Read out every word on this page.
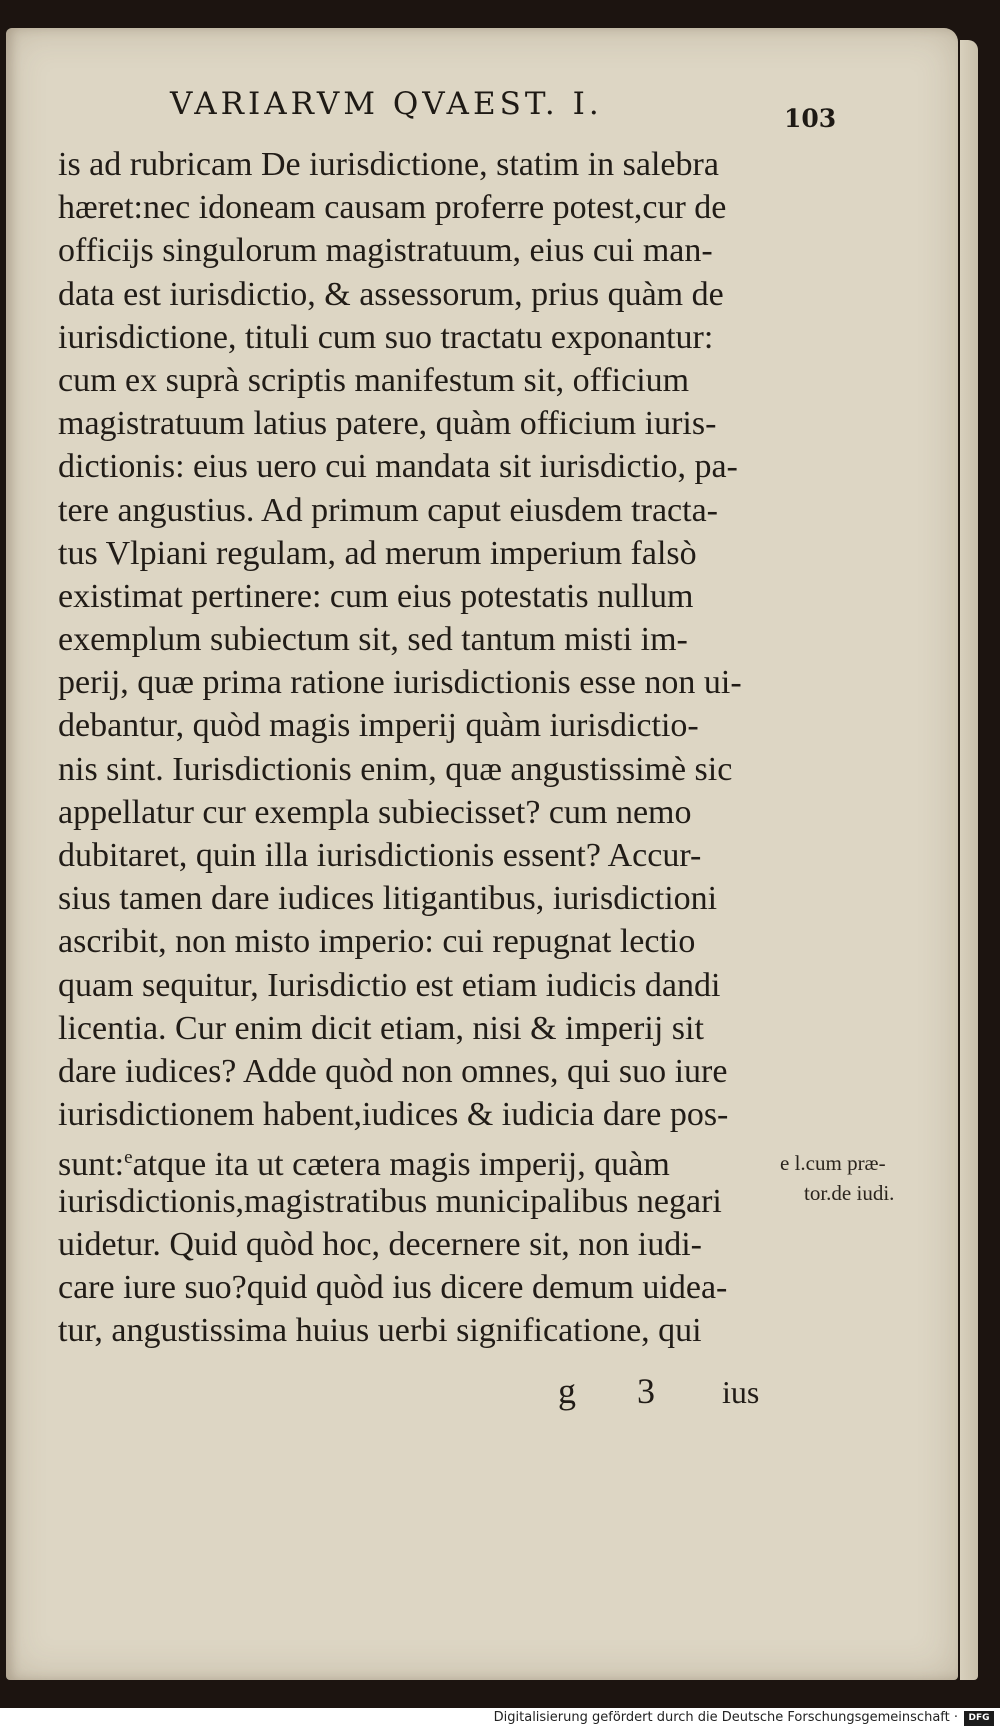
VARIARVM QVAEST. I.	103
is ad rubricam De iurisdictione, statim in salebra
hæret:nec idoneam causam proferre potest,cur de
officijs singulorum magistratuum, eius cui man-
data est iurisdictio, & assessorum, prius quàm de
iurisdictione, tituli cum suo tractatu exponantur:
cum ex suprà scriptis manifestum sit, officium
magistratuum latius patere, quàm officium iuris-
dictionis: eius uero cui mandata sit iurisdictio, pa-
tere angustius. Ad primum caput eiusdem tracta-
tus Vlpiani regulam, ad merum imperium falsò
existimat pertinere: cum eius potestatis nullum
exemplum subiectum sit, sed tantum misti im-
perij, quæ prima ratione iurisdictionis esse non ui-
debantur, quòd magis imperij quàm iurisdictio-
nis sint. Iurisdictionis enim, quæ angustissimè sic
appellatur cur exempla subiecisset? cum nemo
dubitaret, quin illa iurisdictionis essent? Accur-
sius tamen dare iudices litigantibus, iurisdictioni
ascribit, non misto imperio: cui repugnat lectio
quam sequitur, Iurisdictio est etiam iudicis dandi
licentia. Cur enim dicit etiam, nisi & imperij sit
dare iudices? Adde quòd non omnes, qui suo iure
iurisdictionem habent,iudices & iudicia dare pos-
sunt:$^e$atque ita ut cætera magis imperij, quàm
iurisdictionis,magistratibus municipalibus negari
uidetur. Quid quòd hoc, decernere sit, non iudi-
care iure suo?quid quòd ius dicere demum uidea-
tur, angustissima huius uerbi significatione, qui
e l.cum præ-
tor.de iudi.
g 3 ius
Digitalisierung gefördert durch die Deutsche Forschungsgemeinschaft ·	DFG
